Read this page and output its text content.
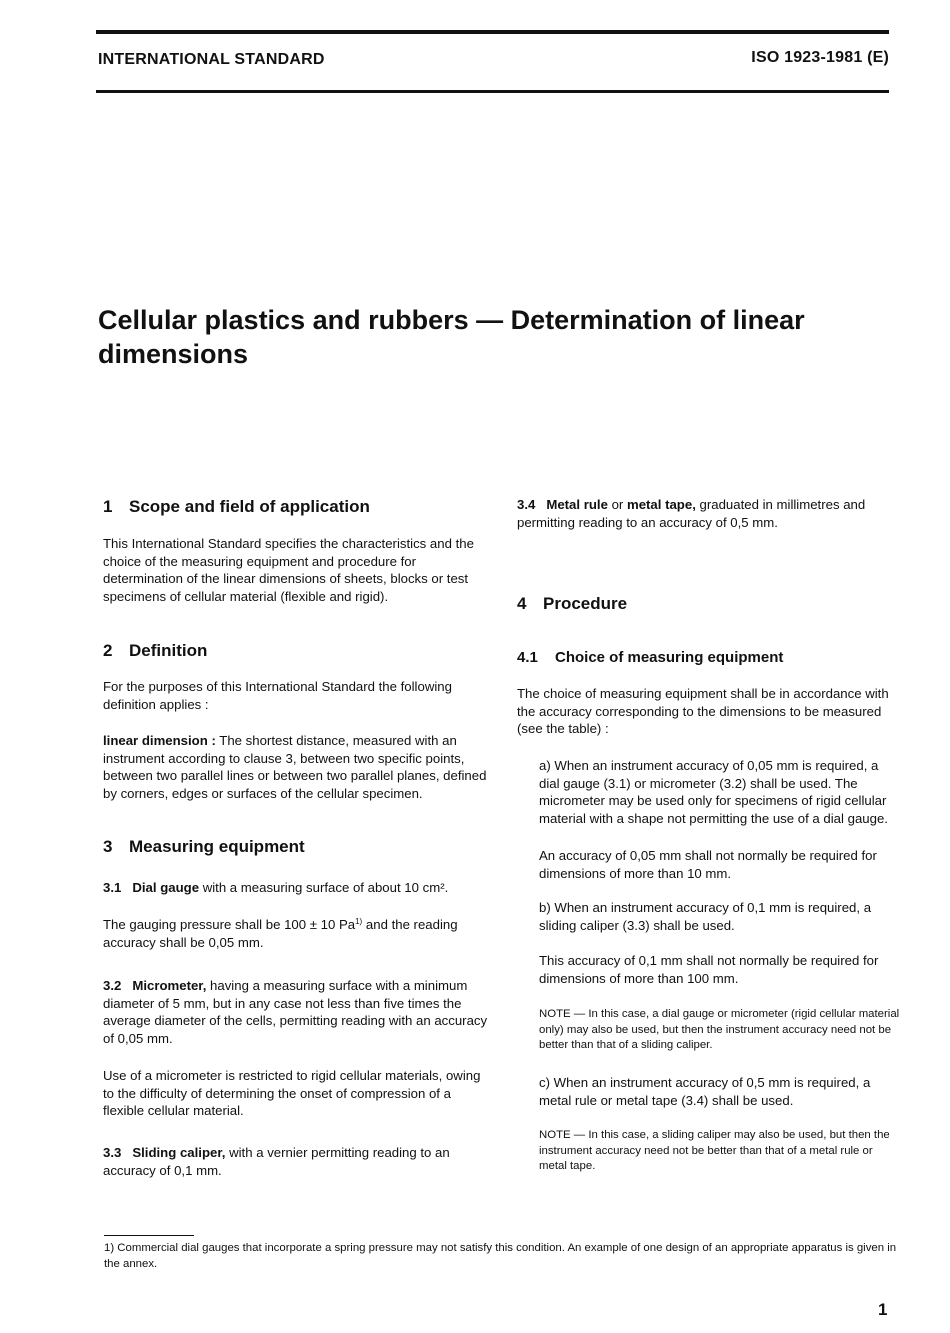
INTERNATIONAL STANDARD	ISO 1923-1981 (E)
Cellular plastics and rubbers — Determination of linear
dimensions

1 Scope and field of application

This International Standard specifies the characteristics and the choice of the measuring equipment and procedure for determination of the linear dimensions of sheets, blocks or test specimens of cellular material (flexible and rigid).

2 Definition

For the purposes of this International Standard the following definition applies :

linear dimension : The shortest distance, measured with an instrument according to clause 3, between two specific points, between two parallel lines or between two parallel planes, defined by corners, edges or surfaces of the cellular specimen.

3 Measuring equipment

3.1 Dial gauge with a measuring surface of about 10 cm².

The gauging pressure shall be 100 ± 10 Pa$^{1)}$ and the reading accuracy shall be 0,05 mm.

3.2 Micrometer, having a measuring surface with a minimum diameter of 5 mm, but in any case not less than five times the average diameter of the cells, permitting reading with an accuracy of 0,05 mm.

Use of a micrometer is restricted to rigid cellular materials, owing to the difficulty of determining the onset of compression of a flexible cellular material.

3.3 Sliding caliper, with a vernier permitting reading to an accuracy of 0,1 mm.

3.4 Metal rule or metal tape, graduated in millimetres and permitting reading to an accuracy of 0,5 mm.

4 Procedure

4.1 Choice of measuring equipment

The choice of measuring equipment shall be in accordance with the accuracy corresponding to the dimensions to be measured (see the table) :

a) When an instrument accuracy of 0,05 mm is required, a dial gauge (3.1) or micrometer (3.2) shall be used. The micrometer may be used only for specimens of rigid cellular material with a shape not permitting the use of a dial gauge.

An accuracy of 0,05 mm shall not normally be required for dimensions of more than 10 mm.

b) When an instrument accuracy of 0,1 mm is required, a sliding caliper (3.3) shall be used.

This accuracy of 0,1 mm shall not normally be required for dimensions of more than 100 mm.

NOTE — In this case, a dial gauge or micrometer (rigid cellular material only) may also be used, but then the instrument accuracy need not be better than that of a sliding caliper.

c) When an instrument accuracy of 0,5 mm is required, a metal rule or metal tape (3.4) shall be used.

NOTE — In this case, a sliding caliper may also be used, but then the instrument accuracy need not be better than that of a metal rule or metal tape.

1) Commercial dial gauges that incorporate a spring pressure may not satisfy this condition. An example of one design of an appropriate apparatus is given in the annex.
1
